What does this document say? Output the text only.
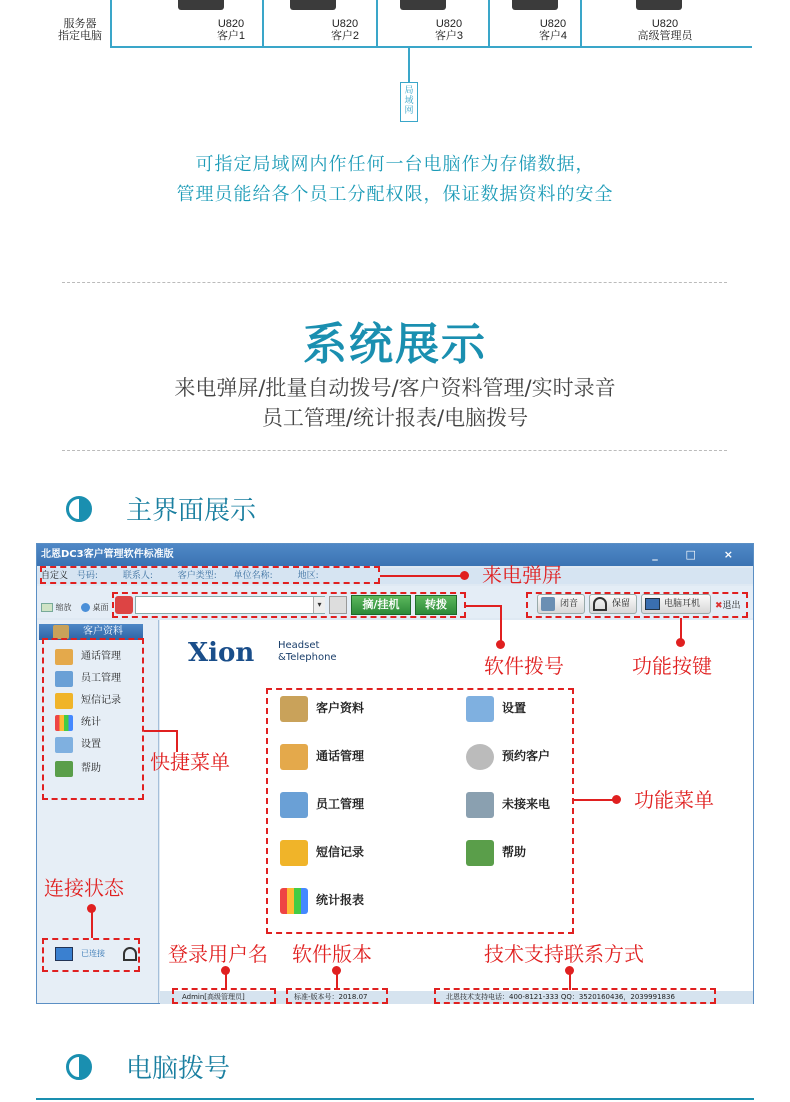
服务器
指定电脑
U820
客户1
U820
客户2
U820
客户3
U820
客户4
U820
高级管理员
局域网
可指定局域网内作任何一台电脑作为存储数据，
管理员能给各个员工分配权限，保证数据资料的安全
系统展示
来电弹屏/批量自动拨号/客户资料管理/实时录音
员工管理/统计报表/电脑拨号
主界面展示
北恩DC3客户管理软件标准版	_ □ ×
自定义 号码:	联系人:	客户类型: 单位名称:	地区:
缩放	桌面	▾	摘/挂机	转拨	闭音	保留	电脑耳机	✖退出
客户资料
通话管理
员工管理
短信记录
统计
设置
帮助
已连接
Xion Headset
&Telephone
客户资料	设置
通话管理	预约客户
员工管理	未接来电
短信记录	帮助
统计报表
Admin[高级管理员]	标准-版本号：2018.07	北恩技术支持电话：400-8121-333 QQ：3520160436，2039991836
来电弹屏
软件拨号	功能按键
快捷菜单
功能菜单
连接状态
登录用户名 软件版本	技术支持联系方式
电脑拨号
